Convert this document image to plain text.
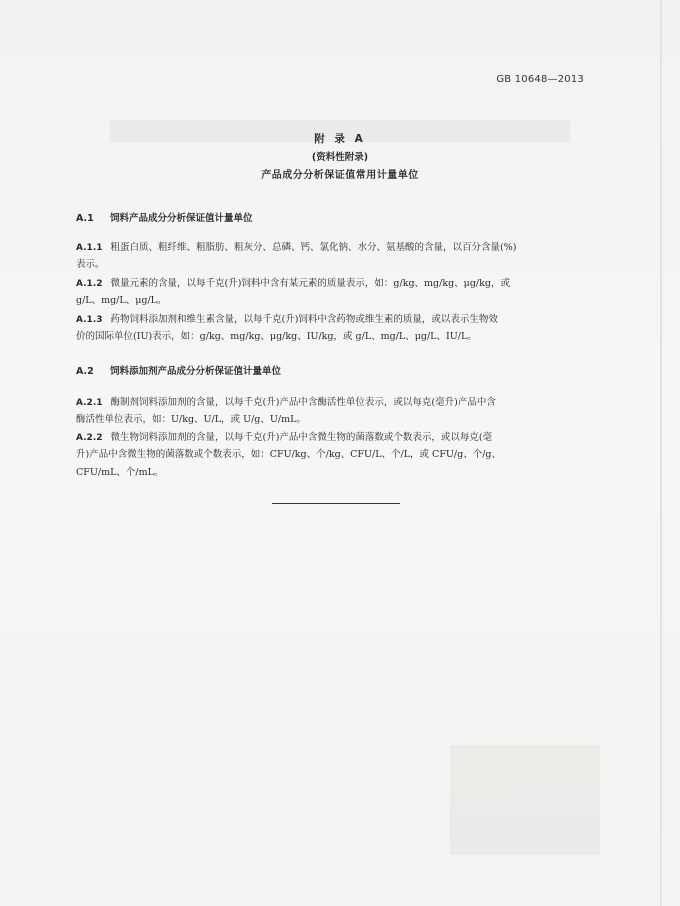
GB 10648—2013
附 录 A
(资料性附录)
产品成分分析保证值常用计量单位
A.1 饲料产品成分分析保证值计量单位
A.1.1 粗蛋白质、粗纤维、粗脂肪、粗灰分、总磷、钙、氯化钠、水分、氨基酸的含量，以百分含量(%)
表示。
A.1.2 微量元素的含量，以每千克(升)饲料中含有某元素的质量表示，如：g/kg、mg/kg、μg/kg，或
g/L、mg/L、μg/L。
A.1.3 药物饲料添加剂和维生素含量，以每千克(升)饲料中含药物或维生素的质量，或以表示生物效
价的国际单位(IU)表示，如：g/kg、mg/kg、μg/kg、IU/kg，或 g/L、mg/L、μg/L、IU/L。
A.2 饲料添加剂产品成分分析保证值计量单位
A.2.1 酶制剂饲料添加剂的含量，以每千克(升)产品中含酶活性单位表示，或以每克(毫升)产品中含
酶活性单位表示，如：U/kg、U/L，或 U/g、U/mL。
A.2.2 微生物饲料添加剂的含量，以每千克(升)产品中含微生物的菌落数或个数表示，或以每克(毫
升)产品中含微生物的菌落数或个数表示，如：CFU/kg、个/kg、CFU/L、个/L，或 CFU/g、个/g、
CFU/mL、个/mL。
